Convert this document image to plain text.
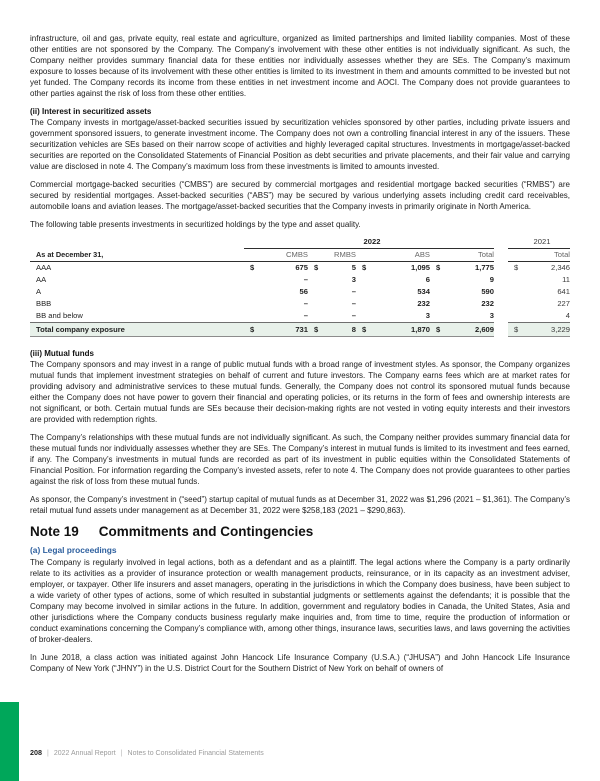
infrastructure, oil and gas, private equity, real estate and agriculture, organized as limited partnerships and limited liability companies. Most of these other entities are not sponsored by the Company. The Company’s involvement with these other entities is not individually significant. As such, the Company neither provides summary financial data for these entities nor individually assesses whether they are SEs. The Company’s maximum exposure to losses because of its involvement with these other entities is limited to its investment in them and amounts committed to be invested but not yet funded. The Company records its income from these entities in net investment income and AOCI. The Company does not provide guarantees to other parties against the risk of loss from these other entities.

(ii) Interest in securitized assets

The Company invests in mortgage/asset-backed securities issued by securitization vehicles sponsored by other parties, including private issuers and government sponsored issuers, to generate investment income. The Company does not own a controlling financial interest in any of the issuers. These securitization vehicles are SEs based on their narrow scope of activities and highly leveraged capital structures. Investments in mortgage/asset-backed securities are reported on the Consolidated Statements of Financial Position as debt securities and private placements, and their fair value and carrying value are disclosed in note 4. The Company’s maximum loss from these investments is limited to amounts invested.

Commercial mortgage-backed securities (“CMBS”) are secured by commercial mortgages and residential mortgage backed securities (“RMBS”) are secured by residential mortgages. Asset-backed securities (“ABS”) may be secured by various underlying assets including credit card receivables, automobile loans and aviation leases. The mortgage/asset-backed securities that the Company invests in primarily originate in North America.

The following table presents investments in securitized holdings by the type and asset quality.

	2022					2021
As at December 31,	CMBS	RMBS	ABS	Total		Total
AAA	$ 675	$ 5	$ 1,095	$ 1,775		$ 2,346

AA	–	3	6	9		11
A	56	–	534	590		641
BBB	–	–	232	232		227
BB and below	–	–	3	3		4
Total company exposure	$ 731	$ 8	$ 1,870	$ 2,609		$ 3,229
(iii) Mutual funds

The Company sponsors and may invest in a range of public mutual funds with a broad range of investment styles. As sponsor, the Company organizes mutual funds that implement investment strategies on behalf of current and future investors. The Company earns fees which are at market rates for providing advisory and administrative services to these mutual funds. Generally, the Company does not control its sponsored mutual funds because either the Company does not have power to govern their financial and operating policies, or its returns in the form of fees and ownership interests are not significant, or both. Certain mutual funds are SEs because their decision-making rights are not vested in voting equity interests and their investors are provided with redemption rights.

The Company’s relationships with these mutual funds are not individually significant. As such, the Company neither provides summary financial data for these mutual funds nor individually assesses whether they are SEs. The Company’s interest in mutual funds is limited to its investment and fees earned, if any. The Company’s investments in mutual funds are recorded as part of its investment in public equities within the Consolidated Statements of Financial Position. For information regarding the Company’s invested assets, refer to note 4. The Company does not provide guarantees to other parties against the risk of loss from these mutual funds.

As sponsor, the Company’s investment in (“seed”) startup capital of mutual funds as at December 31, 2022 was $1,296 (2021 – $1,361). The Company’s retail mutual fund assets under management as at December 31, 2022 were $258,183 (2021 – $290,863).

Note 19 Commitments and Contingencies
(a) Legal proceedings

The Company is regularly involved in legal actions, both as a defendant and as a plaintiff. The legal actions where the Company is a party ordinarily relate to its activities as a provider of insurance protection or wealth management products, reinsurance, or in its capacity as an investment adviser, employer, or taxpayer. Other life insurers and asset managers, operating in the jurisdictions in which the Company does business, have been subject to a wide variety of other types of actions, some of which resulted in substantial judgments or settlements against the defendants; it is possible that the Company may become involved in similar actions in the future. In addition, government and regulatory bodies in Canada, the United States, Asia and other jurisdictions where the Company conducts business regularly make inquiries and, from time to time, require the production of information or conduct examinations concerning the Company’s compliance with, among other things, insurance laws, securities laws, and laws governing the activities of broker-dealers.

In June 2018, a class action was initiated against John Hancock Life Insurance Company (U.S.A.) (“JHUSA”) and John Hancock Life Insurance Company of New York (“JHNY”) in the U.S. District Court for the Southern District of New York on behalf of owners of

208 | 2022 Annual Report | Notes to Consolidated Financial Statements
